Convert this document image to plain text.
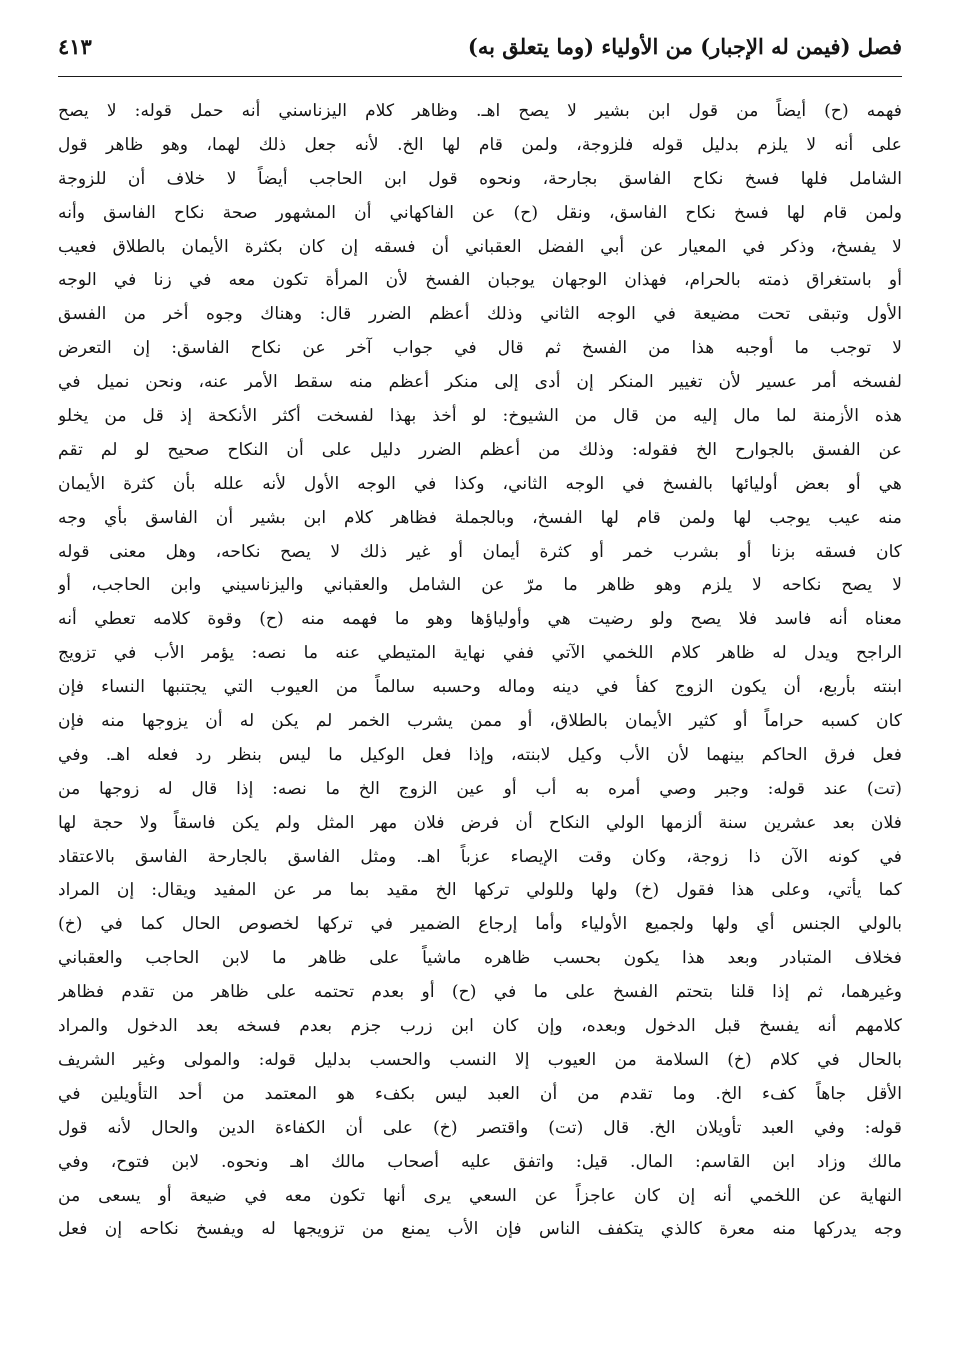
فصل (فيمن له الإجبار) من الأولياء (وما يتعلق به)
٤١٣
فهمه (ح) أيضاً من قول ابن بشير لا يصح اهـ. وظاهر كلام اليزناسني أنه حمل قوله: لا يصح
على أنه لا يلزم بدليل قوله فلزوجة، ولمن قام لها الخ. لأنه جعل ذلك لهما، وهو ظاهر قول
الشامل فلها فسخ نكاح الفاسق بجارحة، ونحوه قول ابن الحاجب أيضاً لا خلاف أن للزوجة
ولمن قام لها فسخ نكاح الفاسق، ونقل (ح) عن الفاكهاني أن المشهور صحة نكاح الفاسق وأنه
لا يفسخ، وذكر في المعيار عن أبي الفضل العقباني أن فسقه إن كان بكثرة الأيمان بالطلاق فعيب
أو باستغراق ذمته بالحرام، فهذان الوجهان يوجبان الفسخ لأن المرأة تكون معه في زنا في الوجه
الأول وتبقى تحت مضيعة في الوجه الثاني وذلك أعظم الضرر قال: وهناك وجوه أخر من الفسق
لا توجب ما أوجبه هذا من الفسخ ثم قال في جواب آخر عن نكاح الفاسق: إن التعرض
لفسخه أمر عسير لأن تغيير المنكر إن أدى إلى منكر أعظم منه سقط الأمر عنه، ونحن نميل في
هذه الأزمنة لما مال إليه من قال من الشيوخ: لو أخذ بهذا لفسخت أكثر الأنكحة إذ قل من يخلو
عن الفسق بالجوارح الخ فقوله: وذلك من أعظم الضرر دليل على أن النكاح صحيح لو لم تقم
هي أو بعض أوليائها بالفسخ في الوجه الثاني، وكذا في الوجه الأول لأنه علله بأن كثرة الأيمان
منه عيب يوجب لها ولمن قام لها الفسخ، وبالجملة فظاهر كلام ابن بشير أن الفاسق بأي وجه
كان فسقه بزنا أو بشرب خمر أو كثرة أيمان أو غير ذلك لا يصح نكاحه، وهل معنى قوله
لا يصح نكاحه لا يلزم وهو ظاهر ما مرّ عن الشامل والعقباني واليزناسيني وابن الحاجب، أو
معناه أنه فاسد فلا يصح ولو رضيت هي وأولياؤها وهو ما فهمه منه (ح) وقوة كلامه تعطي أنه
الراجح ويدل له ظاهر كلام اللخمي الآتي ففي نهاية المتيطي عنه ما نصه: يؤمر الأب في تزويج
ابنته بأربع، أن يكون الزوج كفأ في دينه وماله وحسبه سالماً من العيوب التي يجتنبها النساء فإن
كان كسبه حراماً أو كثير الأيمان بالطلاق، أو ممن يشرب الخمر لم يكن له أن يزوجها منه فإن
فعل فرق الحاكم بينهما لأن الأب وكيل لابنته، وإذا فعل الوكيل ما ليس بنظر رد فعله اهـ. وفي
(تت) عند قوله: وجبر وصي أمره به أب أو عين الزوج الخ ما نصه: إذا قال له زوجها من
فلان بعد عشرين سنة ألزمها الولي النكاح أن فرض فلان مهر المثل ولم يكن فاسقاً ولا حجة لها
في كونه الآن ذا زوجة، وكان وقت الإيصاء عزباً اهـ. ومثل الفاسق بالجارحة الفاسق بالاعتقاد
كما يأتي، وعلى هذا فقول (خ) ولها وللولي تركها الخ مقيد بما مر عن المفيد ويقال: إن المراد
بالولي الجنس أي ولها ولجميع الأولياء وأما إرجاع الضمير في تركها لخصوص الحال كما في (خ)
فخلاف المتبادر وبعد هذا يكون بحسب ظاهره ماشياً على ظاهر ما لابن الحاجب والعقباني
وغيرهما، ثم إذا قلنا بتحتم الفسخ على ما في (ح) أو بعدم تحتمه على ظاهر من تقدم فظاهر
كلامهم أنه يفسخ قبل الدخول وبعده، وإن كان ابن زرب جزم بعدم فسخه بعد الدخول والمراد
بالحال في كلام (خ) السلامة من العيوب إلا النسب والحسب بدليل قوله: والمولى وغير الشريف
الأقل جاهاً كفء الخ. وما تقدم من أن العبد ليس بكفء هو المعتمد من أحد التأويلين في
قوله: وفي العبد تأويلان الخ. قال (تت) واقتصر (خ) على أن الكفاءة الدين والحال لأنه قول
مالك وزاد ابن القاسم: المال. قيل: واتفق عليه أصحاب مالك اهـ ونحوه. لابن فتوح، وفي
النهاية عن اللخمي أنه إن كان عاجزاً عن السعي يرى أنها تكون معه في ضيعة أو يسعى من
وجه يدركها منه معرة كالذي يتكفف الناس فإن الأب يمنع من تزويجها له ويفسخ نكاحه إن فعل
